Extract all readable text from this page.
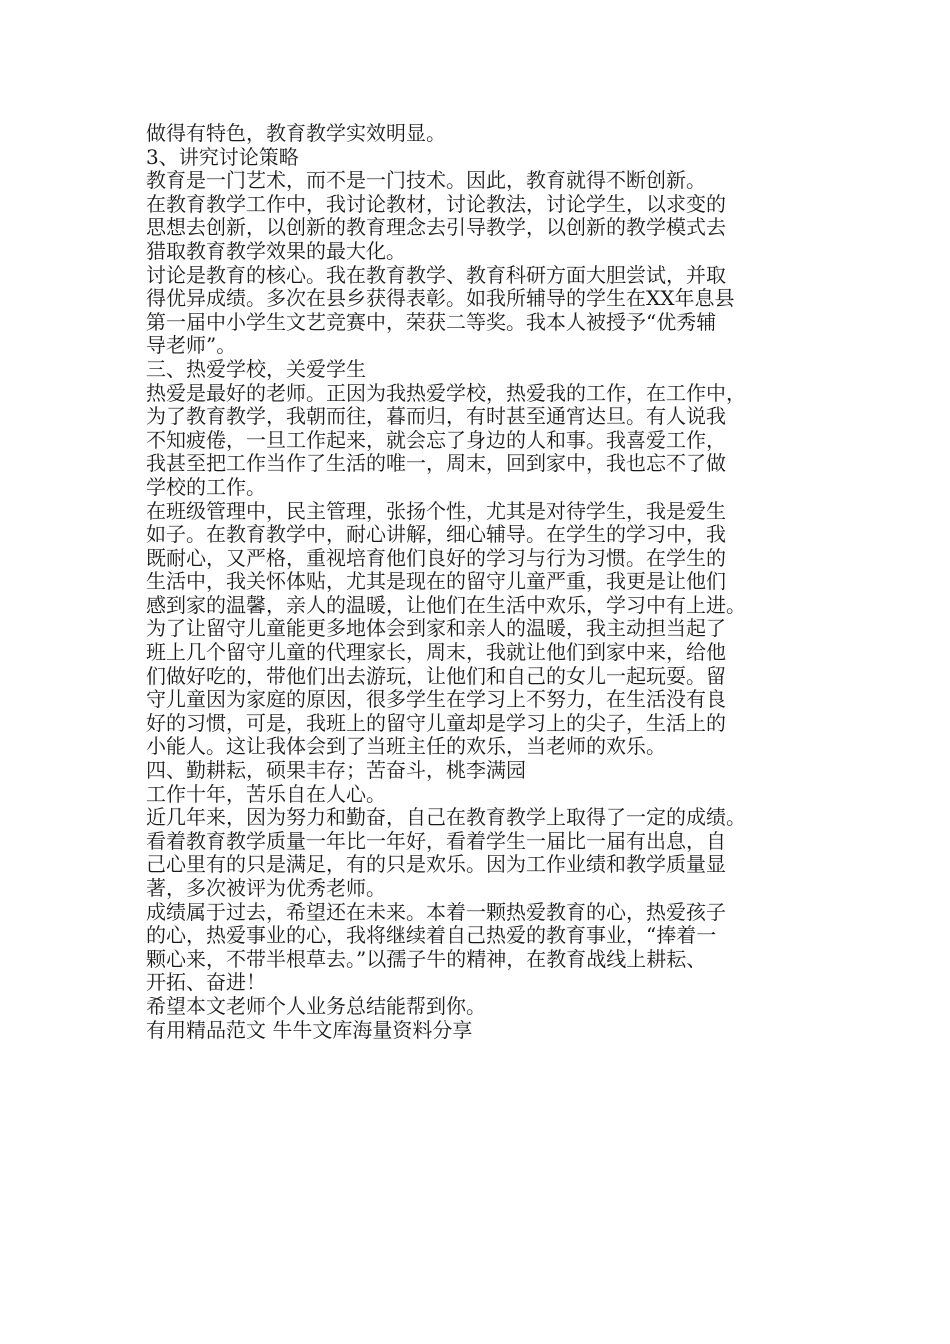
做得有特色，教育教学实效明显。
3、讲究讨论策略
教育是一门艺术，而不是一门技术。因此，教育就得不断创新。
在教育教学工作中，我讨论教材，讨论教法，讨论学生，以求变的
思想去创新，以创新的教育理念去引导教学，以创新的教学模式去
猎取教育教学效果的最大化。
讨论是教育的核心。我在教育教学、教育科研方面大胆尝试，并取
得优异成绩。多次在县乡获得表彰。如我所辅导的学生在XX年息县
第一届中小学生文艺竞赛中，荣获二等奖。我本人被授予“优秀辅
导老师”。
三、热爱学校，关爱学生
热爱是最好的老师。正因为我热爱学校，热爱我的工作，在工作中，
为了教育教学，我朝而往，暮而归，有时甚至通宵达旦。有人说我
不知疲倦，一旦工作起来，就会忘了身边的人和事。我喜爱工作，
我甚至把工作当作了生活的唯一，周末，回到家中，我也忘不了做
学校的工作。
在班级管理中，民主管理，张扬个性，尤其是对待学生，我是爱生
如子。在教育教学中，耐心讲解，细心辅导。在学生的学习中，我
既耐心，又严格，重视培育他们良好的学习与行为习惯。在学生的
生活中，我关怀体贴，尤其是现在的留守儿童严重，我更是让他们
感到家的温馨，亲人的温暖，让他们在生活中欢乐，学习中有上进。
为了让留守儿童能更多地体会到家和亲人的温暖，我主动担当起了
班上几个留守儿童的代理家长，周末，我就让他们到家中来，给他
们做好吃的，带他们出去游玩，让他们和自己的女儿一起玩耍。留
守儿童因为家庭的原因，很多学生在学习上不努力，在生活没有良
好的习惯，可是，我班上的留守儿童却是学习上的尖子，生活上的
小能人。这让我体会到了当班主任的欢乐，当老师的欢乐。
四、勤耕耘，硕果丰存；苦奋斗，桃李满园
工作十年，苦乐自在人心。
近几年来，因为努力和勤奋，自己在教育教学上取得了一定的成绩。
看着教育教学质量一年比一年好，看着学生一届比一届有出息，自
己心里有的只是满足，有的只是欢乐。因为工作业绩和教学质量显
著，多次被评为优秀老师。
成绩属于过去，希望还在未来。本着一颗热爱教育的心，热爱孩子
的心，热爱事业的心，我将继续着自己热爱的教育事业，“捧着一
颗心来，不带半根草去。”以孺子牛的精神，在教育战线上耕耘、
开拓、奋进！
希望本文老师个人业务总结能帮到你。
有用精品范文 牛牛文库海量资料分享
